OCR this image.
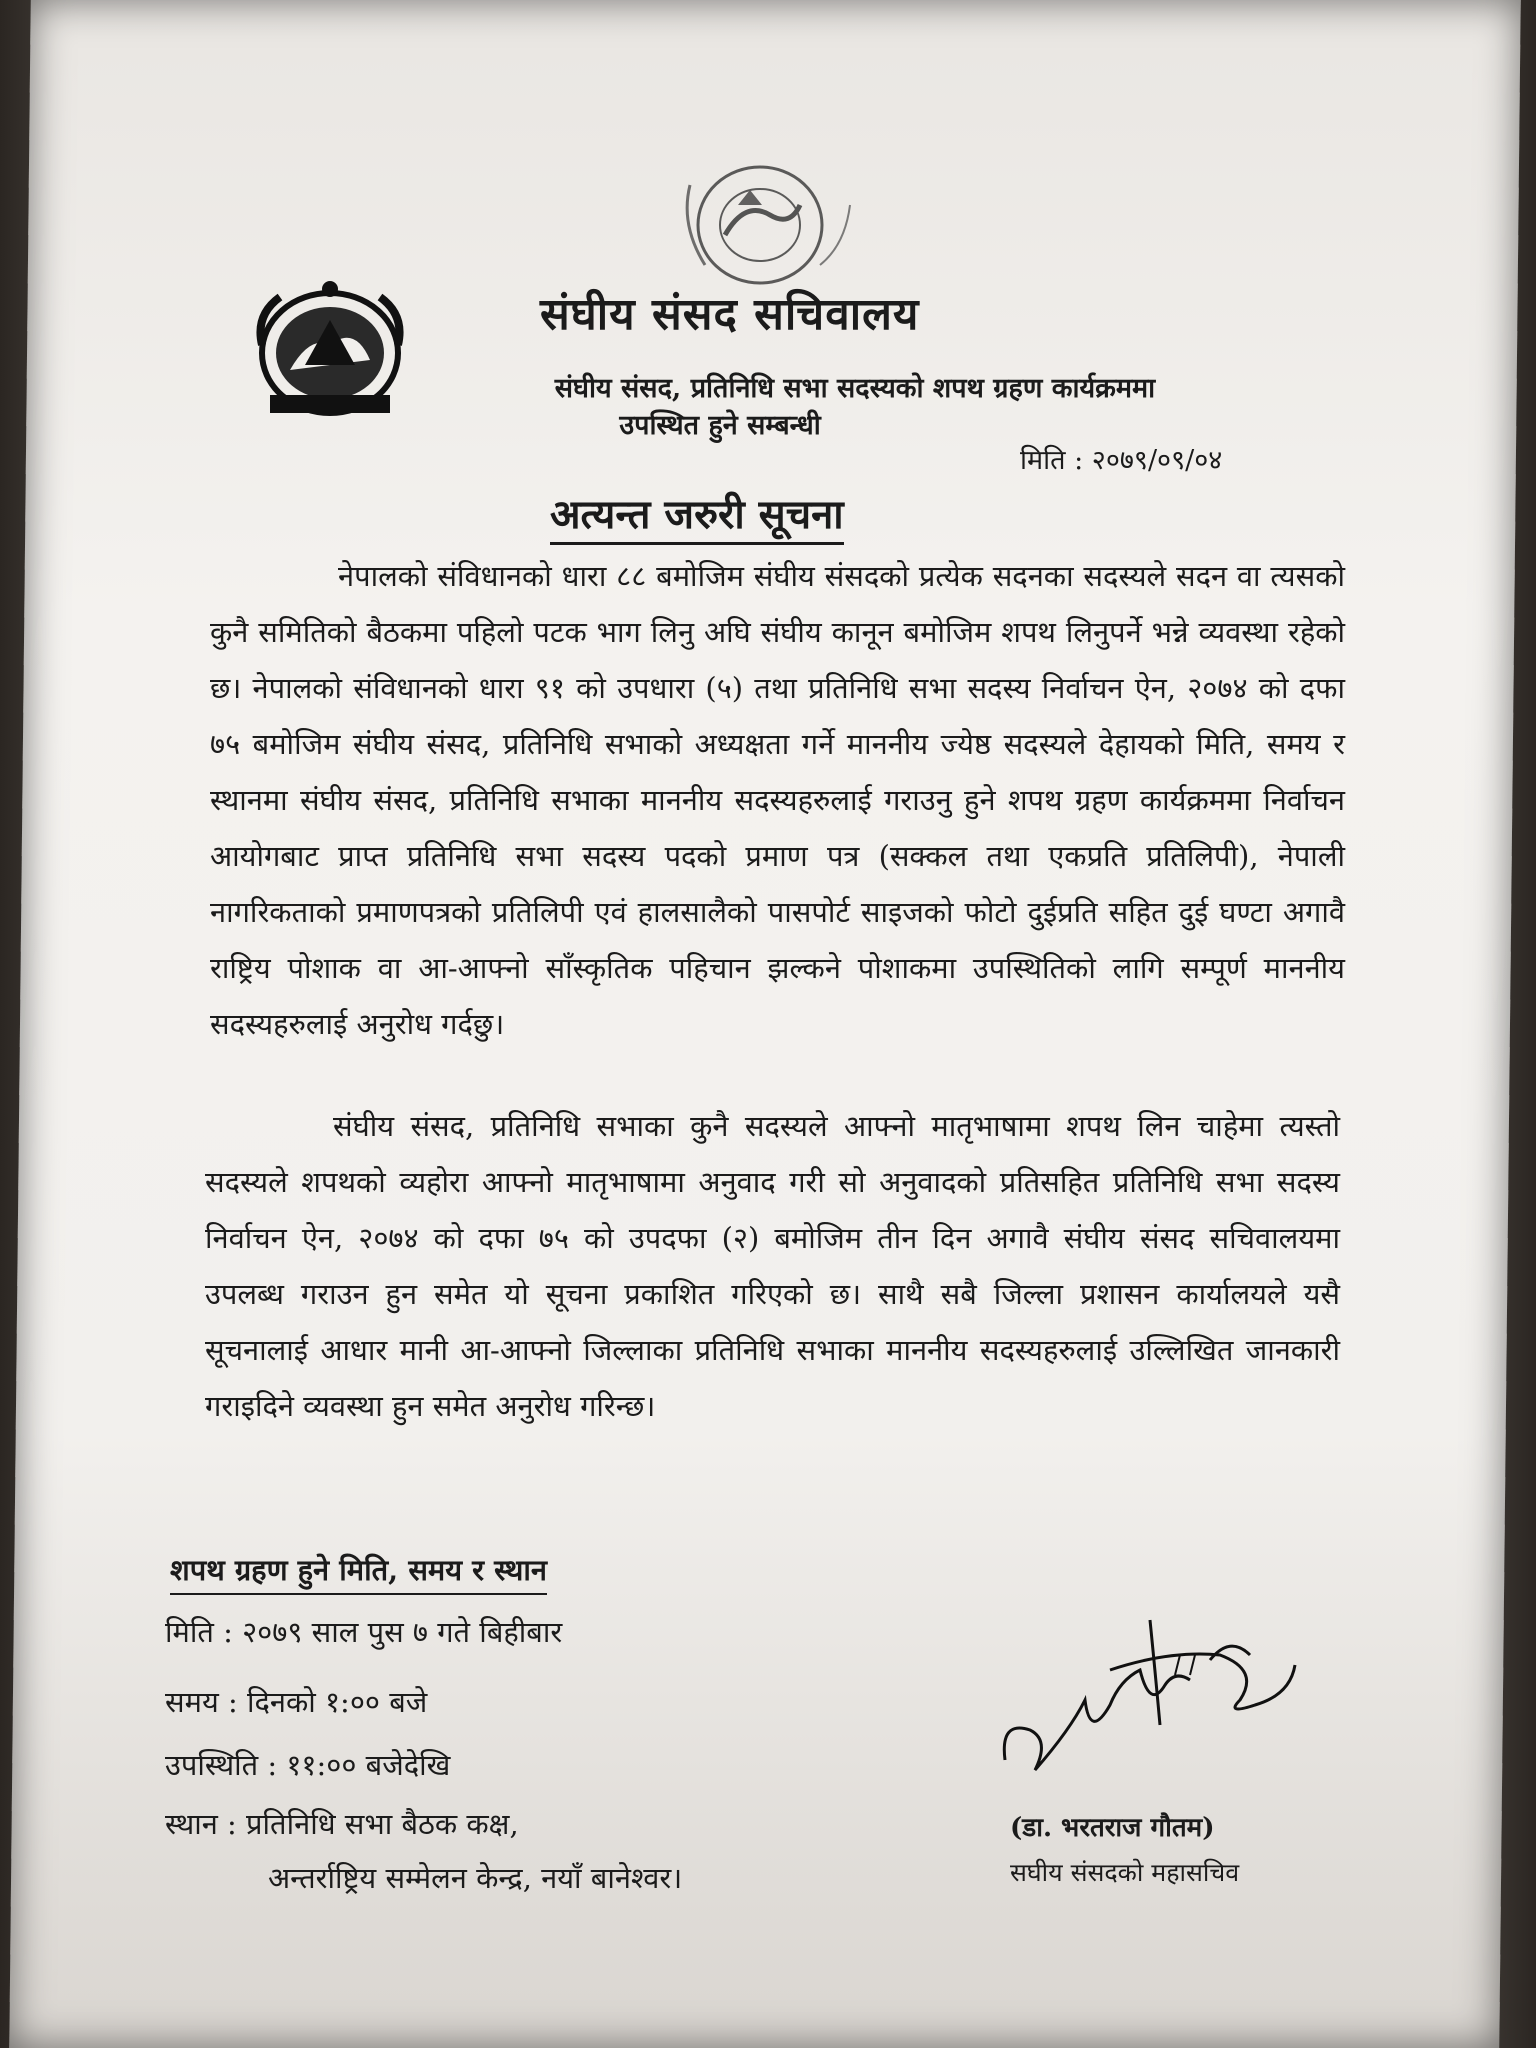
संघीय संसद सचिवालय
संघीय संसद, प्रतिनिधि सभा सदस्यको शपथ ग्रहण कार्यक्रममा
उपस्थित हुने सम्बन्धी
मिति : २०७९/०९/०४
अत्यन्त जरुरी सूचना
नेपालको संविधानको धारा ८८ बमोजिम संघीय संसदको प्रत्येक सदनका सदस्यले सदन वा त्यसको कुनै समितिको बैठकमा पहिलो पटक भाग लिनु अघि संघीय कानून बमोजिम शपथ लिनुपर्ने भन्ने व्यवस्था रहेको छ। नेपालको संविधानको धारा ९१ को उपधारा (५) तथा प्रतिनिधि सभा सदस्य निर्वाचन ऐन, २०७४ को दफा ७५ बमोजिम संघीय संसद, प्रतिनिधि सभाको अध्यक्षता गर्ने माननीय ज्येष्ठ सदस्यले देहायको मिति, समय र स्थानमा संघीय संसद, प्रतिनिधि सभाका माननीय सदस्यहरुलाई गराउनु हुने शपथ ग्रहण कार्यक्रममा निर्वाचन आयोगबाट प्राप्त प्रतिनिधि सभा सदस्य पदको प्रमाण पत्र (सक्कल तथा एकप्रति प्रतिलिपी), नेपाली नागरिकताको प्रमाणपत्रको प्रतिलिपी एवं हालसालैको पासपोर्ट साइजको फोटो दुईप्रति सहित दुई घण्टा अगावै राष्ट्रिय पोशाक वा आ-आफ्नो साँस्कृतिक पहिचान झल्कने पोशाकमा उपस्थितिको लागि सम्पूर्ण माननीय सदस्यहरुलाई अनुरोध गर्दछु।
संघीय संसद, प्रतिनिधि सभाका कुनै सदस्यले आफ्नो मातृभाषामा शपथ लिन चाहेमा त्यस्तो सदस्यले शपथको व्यहोरा आफ्नो मातृभाषामा अनुवाद गरी सो अनुवादको प्रतिसहित प्रतिनिधि सभा सदस्य निर्वाचन ऐन, २०७४ को दफा ७५ को उपदफा (२) बमोजिम तीन दिन अगावै संघीय संसद सचिवालयमा उपलब्ध गराउन हुन समेत यो सूचना प्रकाशित गरिएको छ। साथै सबै जिल्ला प्रशासन कार्यालयले यसै सूचनालाई आधार मानी आ-आफ्नो जिल्लाका प्रतिनिधि सभाका माननीय सदस्यहरुलाई उल्लिखित जानकारी गराइदिने व्यवस्था हुन समेत अनुरोध गरिन्छ।
शपथ ग्रहण हुने मिति, समय र स्थान
मिति : २०७९ साल पुस ७ गते बिहीबार
समय : दिनको १:०० बजे
उपस्थिति : ११:०० बजेदेखि
स्थान : प्रतिनिधि सभा बैठक कक्ष,
अन्तर्राष्ट्रिय सम्मेलन केन्द्र, नयाँ बानेश्वर।
(डा. भरतराज गौतम)
सघीय संसदको महासचिव
